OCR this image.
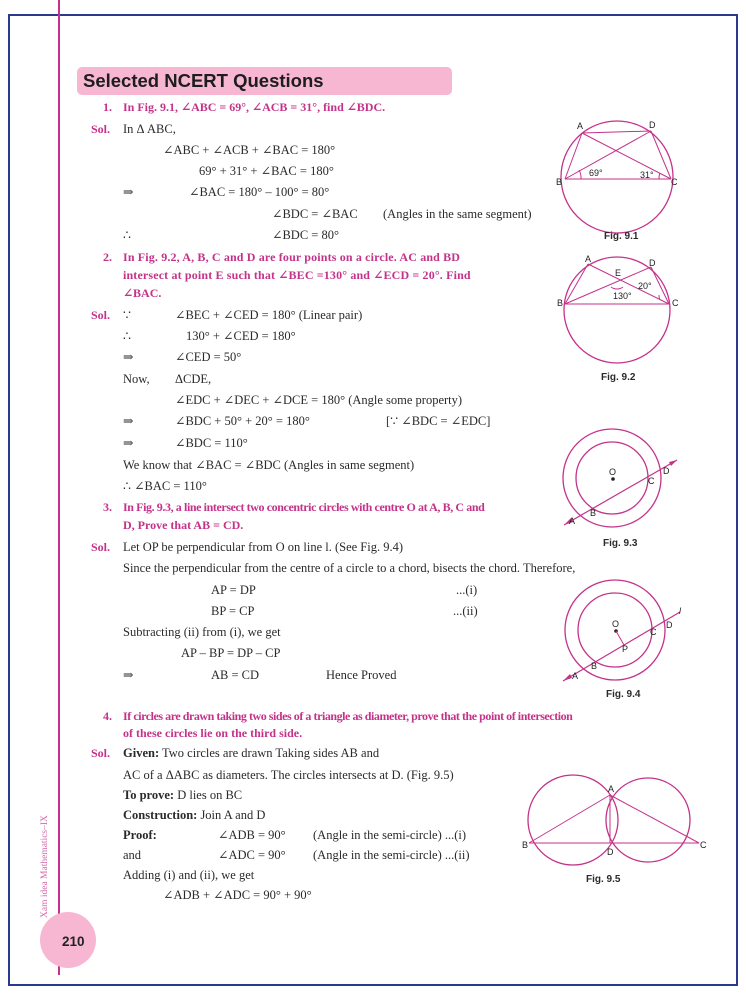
210
Xam idea Mathematics–IX
Selected NCERT Questions
1. In Fig. 9.1, ∠ABC = 69°, ∠ACB = 31°, find ∠BDC.
Sol. In Δ ABC,
∠ABC + ∠ACB + ∠BAC = 180°
69° + 31° + ∠BAC = 180°
⇒	∠BAC = 180° – 100° = 80°
∠BDC = ∠BAC (Angles in the same segment)
∴	∠BDC = 80°
2. In Fig. 9.2, A, B, C and D are four points on a circle. AC and BD
intersect at point E such that ∠BEC =130° and ∠ECD = 20°. Find
∠BAC.
Sol. ∵	∠BEC + ∠CED = 180° (Linear pair)
∴	130° + ∠CED = 180°
⇒	∠CED = 50°
Now, ΔCDE,
∠EDC + ∠DEC + ∠DCE = 180° (Angle some property)
⇒	∠BDC + 50° + 20° = 180°	[∵ ∠BDC = ∠EDC]
⇒	∠BDC = 110°
We know that ∠BAC = ∠BDC (Angles in same segment)
∴ ∠BAC = 110°
3. In Fig. 9.3, a line intersect two concentric circles with centre O at A, B, C and
D, Prove that AB = CD.
Sol. Let OP be perpendicular from O on line l. (See Fig. 9.4)
Since the perpendicular from the centre of a circle to a chord, bisects the chord. Therefore,
AP = DP	...(i)
BP = CP	...(ii)
Subtracting (ii) from (i), we get
AP – BP = DP – CP
⇒	AB = CD	Hence Proved
4. If circles are drawn taking two sides of a triangle as diameter, prove that the point of intersection
of these circles lie on the third side.
Sol. Given: Two circles are drawn Taking sides AB and
AC of a ΔABC as diameters. The circles intersects at D. (Fig. 9.5)
To prove: D lies on BC
Construction: Join A and D
Proof:	∠ADB = 90° (Angle in the semi-circle) ...(i)
and	∠ADC = 90° (Angle in the semi-circle) ...(ii)
Adding (i) and (ii), we get
∠ADB + ∠ADC = 90° + 90°
A	D
B	C
69°	31°
Fig. 9.1
A	D
E
B	C
130°
20°
Fig. 9.2
O
A
B
C
D
Fig. 9.3
O
P
A
B
C
D
l
Fig. 9.4
A
B	C
D
Fig. 9.5
